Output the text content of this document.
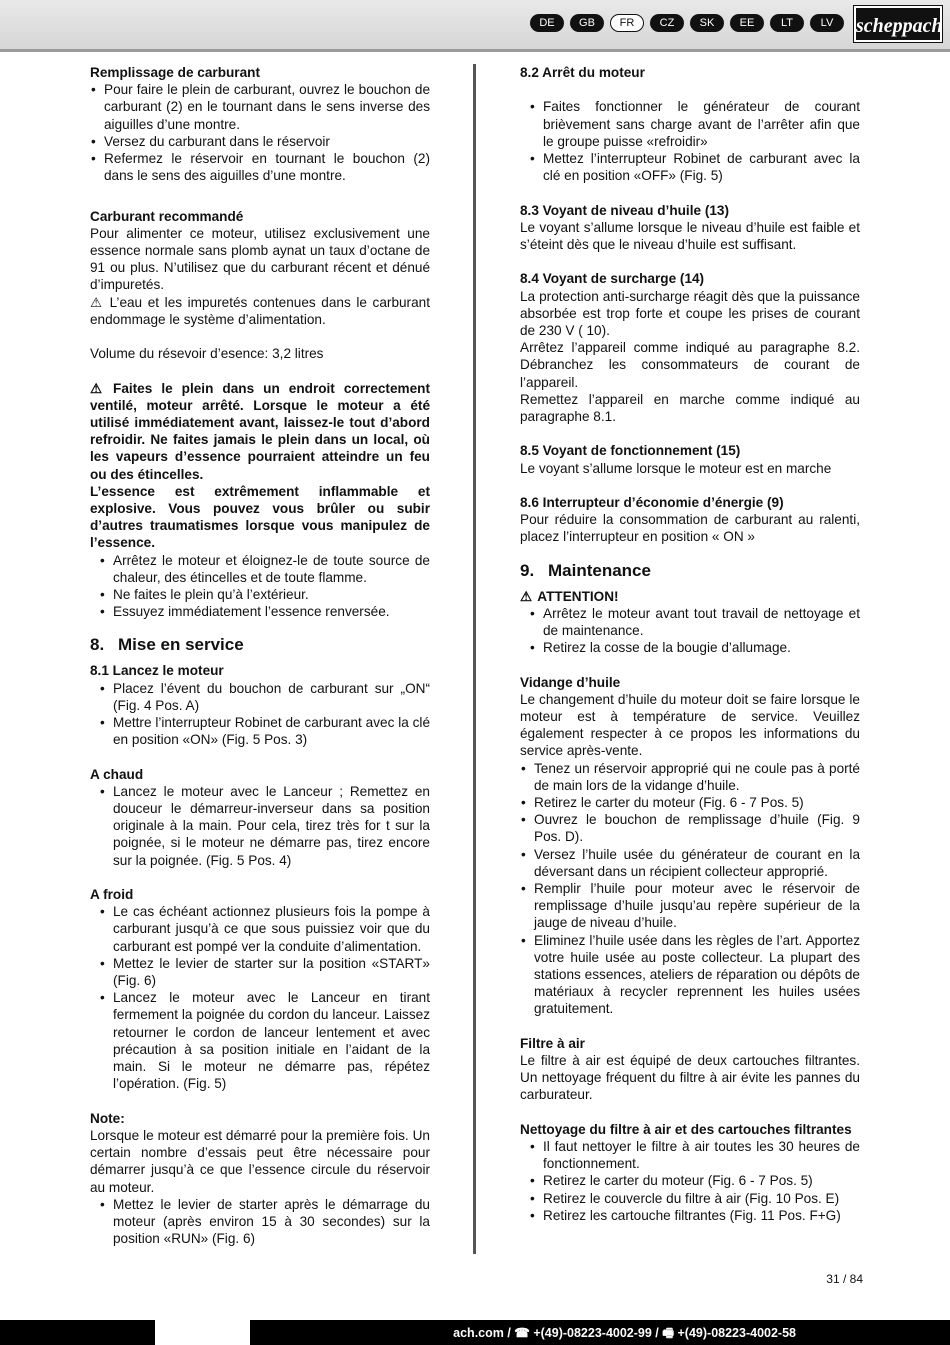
DE	GB	FR	CZ	SK	EE	LT	LV	scheppach

Remplissage de carburant

• Pour faire le plein de carburant, ouvrez le bouchon de carburant (2) en le tournant dans le sens inverse des aiguilles d’une montre.
• Versez du carburant dans le réservoir
• Refermez le réservoir en tournant le bouchon (2) dans le sens des aiguilles d’une montre.

Carburant recommandé

Pour alimenter ce moteur, utilisez exclusivement une essence normale sans plomb aynat un taux d’octane de 91 ou plus. N’utilisez que du carburant récent et dénué d’impuretés.

⚠ L’eau et les impuretés contenues dans le carburant endommage le système d’alimentation.

Volume du résevoir d’esence: 3,2 litres

⚠ Faites le plein dans un endroit correctement ventilé, moteur arrêté. Lorsque le moteur a été utilisé immédiatement avant, laissez-le tout d’abord refroidir. Ne faites jamais le plein dans un local, où les vapeurs d’essence pourraient atteindre un feu ou des étincelles.

L’essence est extrêmement inflammable et explosive. Vous pouvez vous brûler ou subir d’autres traumatismes lorsque vous manipulez de l’essence.

• Arrêtez le moteur et éloignez-le de toute source de chaleur, des étincelles et de toute flamme.
• Ne faites le plein qu’à l’extérieur.
• Essuyez immédiatement l’essence renversée.

8. Mise en service

8.1 Lancez le moteur

• Placez l’évent du bouchon de carburant sur „ON“ (Fig. 4 Pos. A)
• Mettre l’interrupteur Robinet de carburant avec la clé en position «ON» (Fig. 5 Pos. 3)

A chaud

• Lancez le moteur avec le Lanceur ; Remettez en douceur le démarreur-inverseur dans sa position originale à la main. Pour cela, tirez très for t sur la poignée, si le moteur ne démarre pas, tirez encore sur la poignée. (Fig. 5 Pos. 4)

A froid

• Le cas échéant actionnez plusieurs fois la pompe à carburant jusqu’à ce que sous puissiez voir que du carburant est pompé ver la conduite d’alimentation.
• Mettez le levier de starter sur la position «START» (Fig. 6)
• Lancez le moteur avec le Lanceur en tirant fermement la poignée du cordon du lanceur. Laissez retourner le cordon de lanceur lentement et avec précaution à sa position initiale en l’aidant de la main. Si le moteur ne démarre pas, répétez l’opération. (Fig. 5)

Note:

Lorsque le moteur est démarré pour la première fois. Un certain nombre d’essais peut être nécessaire pour démarrer jusqu’à ce que l’essence circule du réservoir au moteur.

• Mettez le levier de starter après le démarrage du moteur (après environ 15 à 30 secondes) sur la position «RUN» (Fig. 6)

8.2 Arrêt du moteur

• Faites fonctionner le générateur de courant brièvement sans charge avant de l’arrêter afin que le groupe puisse «refroidir»
• Mettez l’interrupteur Robinet de carburant avec la clé en position «OFF» (Fig. 5)

8.3 Voyant de niveau d’huile (13)

Le voyant s’allume lorsque le niveau d’huile est faible et s’éteint dès que le niveau d’huile est suffisant.

8.4 Voyant de surcharge (14)

La protection anti-surcharge réagit dès que la puissance absorbée est trop forte et coupe les prises de courant de 230 V ( 10).

Arrêtez l’appareil comme indiqué au paragraphe 8.2. Débranchez les consommateurs de courant de l’appareil.

Remettez l’appareil en marche comme indiqué au paragraphe 8.1.

8.5 Voyant de fonctionnement (15)

Le voyant s’allume lorsque le moteur est en marche

8.6 Interrupteur d’économie d’énergie (9)

Pour réduire la consommation de carburant au ralenti, placez l’interrupteur en position « ON »

9. Maintenance

⚠ ATTENTION!

• Arrêtez le moteur avant tout travail de nettoyage et de maintenance.
• Retirez la cosse de la bougie d’allumage.

Vidange d’huile

Le changement d’huile du moteur doit se faire lorsque le moteur est à température de service. Veuillez également respecter à ce propos les informations du service après-vente.

• Tenez un réservoir approprié qui ne coule pas à porté de main lors de la vidange d’huile.
• Retirez le carter du moteur (Fig. 6 - 7 Pos. 5)
• Ouvrez le bouchon de remplissage d’huile (Fig. 9 Pos. D).
• Versez l’huile usée du générateur de courant en la déversant dans un récipient collecteur approprié.
• Remplir l’huile pour moteur avec le réservoir de remplissage d’huile jusqu’au repère supérieur de la jauge de niveau d’huile.
• Eliminez l’huile usée dans les règles de l’art. Apportez votre huile usée au poste collecteur. La plupart des stations essences, ateliers de réparation ou dépôts de matériaux à recycler reprennent les huiles usées gratuitement.

Filtre à air

Le filtre à air est équipé de deux cartouches filtrantes. Un nettoyage fréquent du filtre à air évite les pannes du carburateur.

Nettoyage du filtre à air et des cartouches filtrantes

• Il faut nettoyer le filtre à air toutes les 30 heures de fonctionnement.
• Retirez le carter du moteur (Fig. 6 - 7 Pos. 5)
• Retirez le couvercle du filtre à air (Fig. 10 Pos. E)
• Retirez les cartouche filtrantes (Fig. 11 Pos. F+G)
31 / 84
ach.com / ☎ +(49)-08223-4002-99 / 🖷 +(49)-08223-4002-58
